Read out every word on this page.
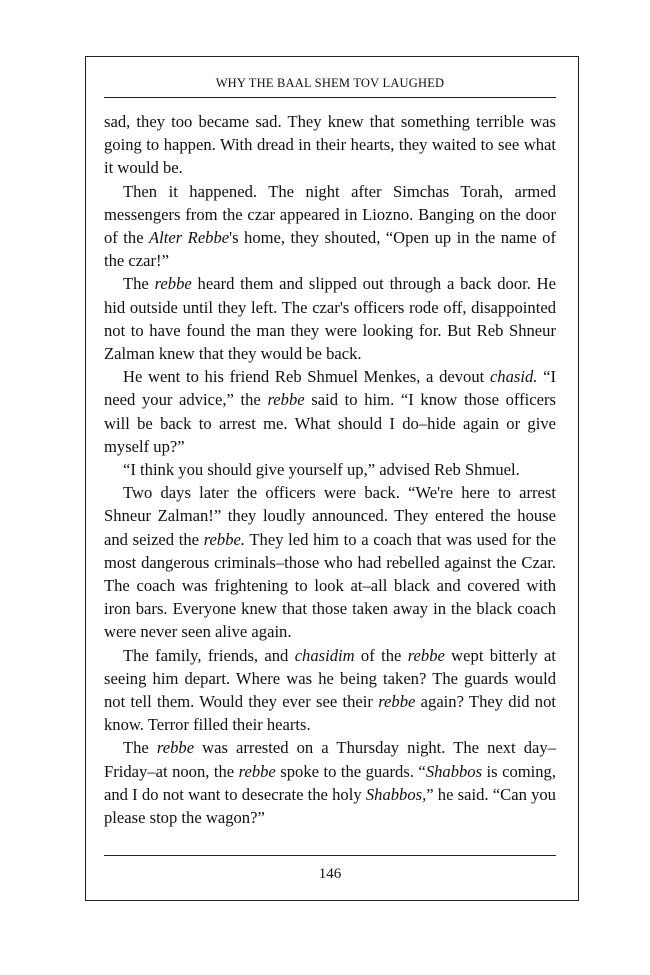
WHY THE BAAL SHEM TOV LAUGHED

sad, they too became sad. They knew that something terrible was going to happen. With dread in their hearts, they waited to see what it would be.

Then it happened. The night after Simchas Torah, armed messengers from the czar appeared in Liozno. Banging on the door of the Alter Rebbe's home, they shouted, “Open up in the name of the czar!”

The rebbe heard them and slipped out through a back door. He hid outside until they left. The czar's officers rode off, disappointed not to have found the man they were looking for. But Reb Shneur Zalman knew that they would be back.

He went to his friend Reb Shmuel Menkes, a devout chasid. “I need your advice,” the rebbe said to him. “I know those officers will be back to arrest me. What should I do–hide again or give myself up?”

“I think you should give yourself up,” advised Reb Shmuel.

Two days later the officers were back. “We're here to arrest Shneur Zalman!” they loudly announced. They entered the house and seized the rebbe. They led him to a coach that was used for the most dangerous criminals–those who had rebelled against the Czar. The coach was frightening to look at–all black and covered with iron bars. Everyone knew that those taken away in the black coach were never seen alive again.

The family, friends, and chasidim of the rebbe wept bitterly at seeing him depart. Where was he being taken? The guards would not tell them. Would they ever see their rebbe again? They did not know. Terror filled their hearts.

The rebbe was arrested on a Thursday night. The next day–Friday–at noon, the rebbe spoke to the guards. “Shabbos is coming, and I do not want to desecrate the holy Shabbos,” he said. “Can you please stop the wagon?”

146
